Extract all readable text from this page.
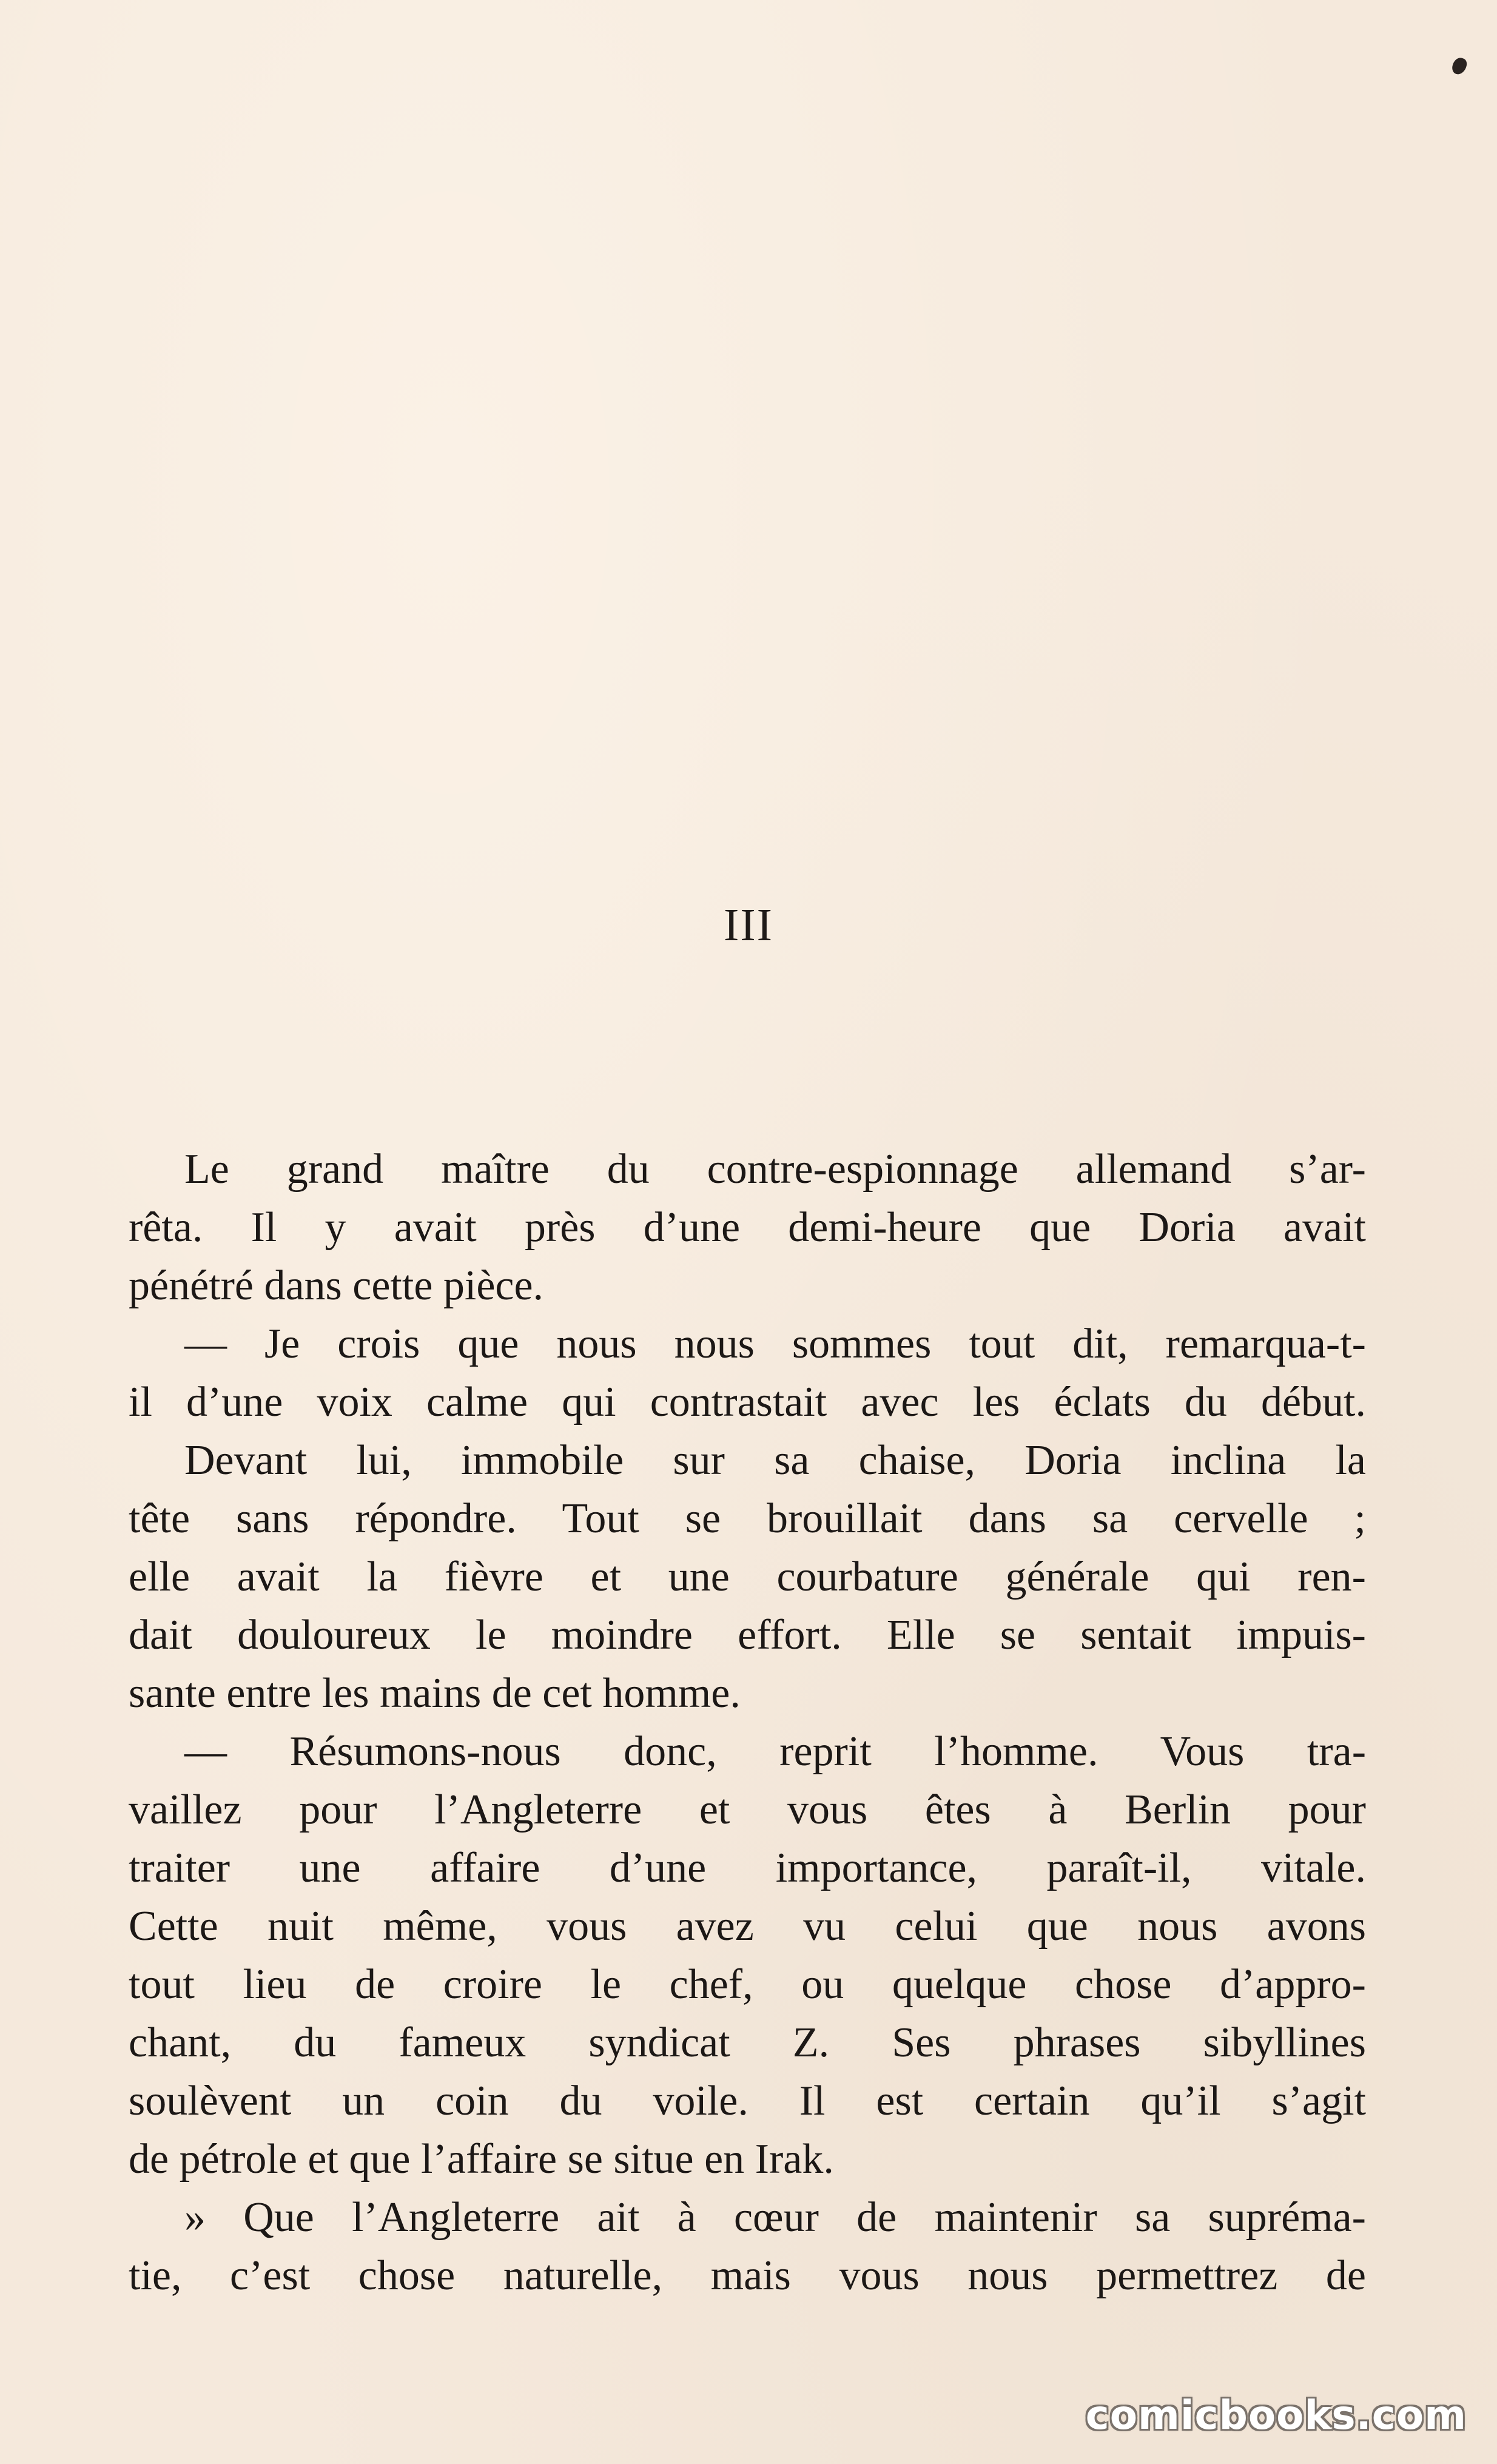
III
Le grand maître du contre-espionnage allemand s’ar-
rêta. Il y avait près d’une demi-heure que Doria avait
pénétré dans cette pièce.
— Je crois que nous nous sommes tout dit, remarqua-t-
il d’une voix calme qui contrastait avec les éclats du début.
Devant lui, immobile sur sa chaise, Doria inclina la
tête sans répondre. Tout se brouillait dans sa cervelle ;
elle avait la fièvre et une courbature générale qui ren-
dait douloureux le moindre effort. Elle se sentait impuis-
sante entre les mains de cet homme.
— Résumons-nous donc, reprit l’homme. Vous tra-
vaillez pour l’Angleterre et vous êtes à Berlin pour
traiter une affaire d’une importance, paraît-il, vitale.
Cette nuit même, vous avez vu celui que nous avons
tout lieu de croire le chef, ou quelque chose d’appro-
chant, du fameux syndicat Z. Ses phrases sibyllines
soulèvent un coin du voile. Il est certain qu’il s’agit
de pétrole et que l’affaire se situe en Irak.
» Que l’Angleterre ait à cœur de maintenir sa supréma-
tie, c’est chose naturelle, mais vous nous permettrez de
comicbooks.com
